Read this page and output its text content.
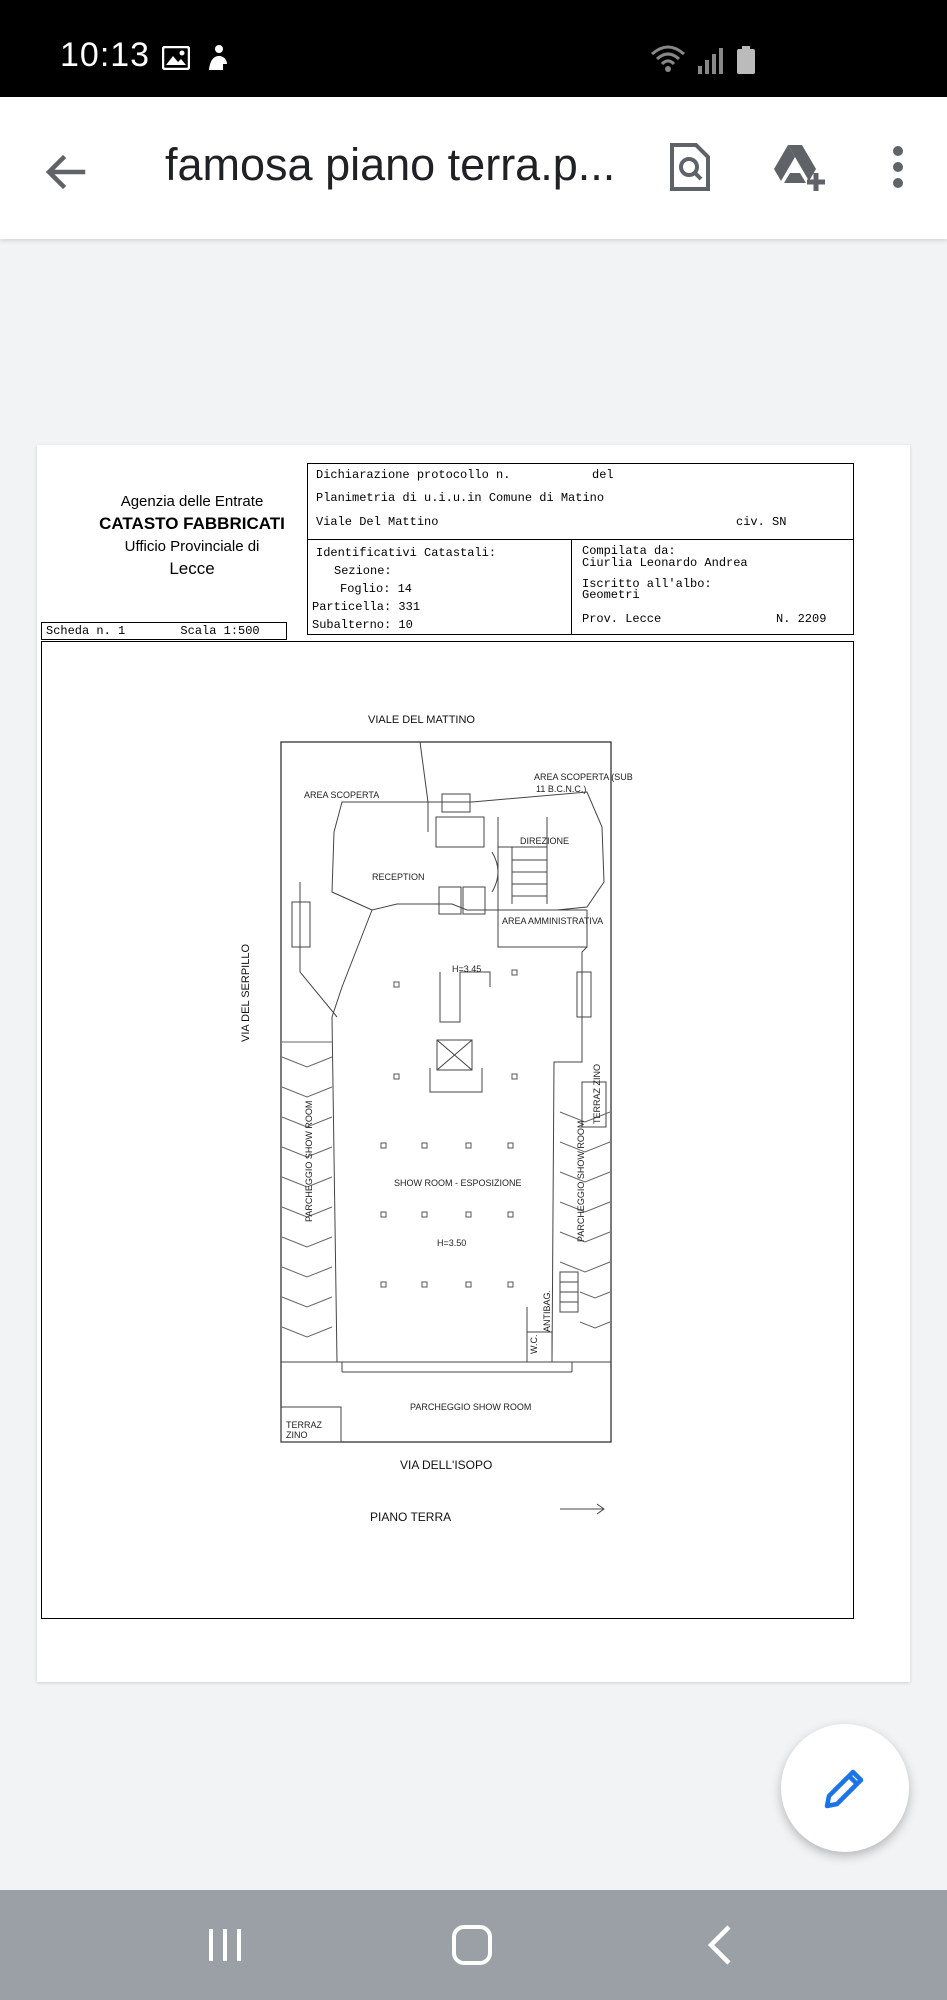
10:13
famosa piano terra.p...
Agenzia delle Entrate
CATASTO FABBRICATI
Ufficio Provinciale di
Lecce
Dichiarazione protocollo n.	del
Planimetria di u.i.u.in Comune di Matino
Viale Del Mattino	civ. SN
Identificativi Catastali:
Sezione:
Foglio: 14
Particella: 331
Subalterno: 10
Compilata da:
Ciurlia Leonardo Andrea
Iscritto all'albo:
Geometri
Prov. Lecce	N. 2209
Scheda n. 1	Scala 1:500
VIALE DEL MATTINO
VIA DEL SERPILLO
VIA DELL'ISOPO
PIANO TERRA
AREA SCOPERTA
AREA SCOPERTA (SUB
11 B.C.N.C.)
RECEPTION
DIREZIONE
AREA AMMINISTRATIVA
H=3.45
SHOW ROOM - ESPOSIZIONE
H=3.50
PARCHEGGIO SHOW ROOM
PARCHEGGIO SHOW ROOM	PARCHEGGIO SHOW ROOM
TERRAZ ZINO
TERRAZ ZINO
ANTIBAG.
W.C.
